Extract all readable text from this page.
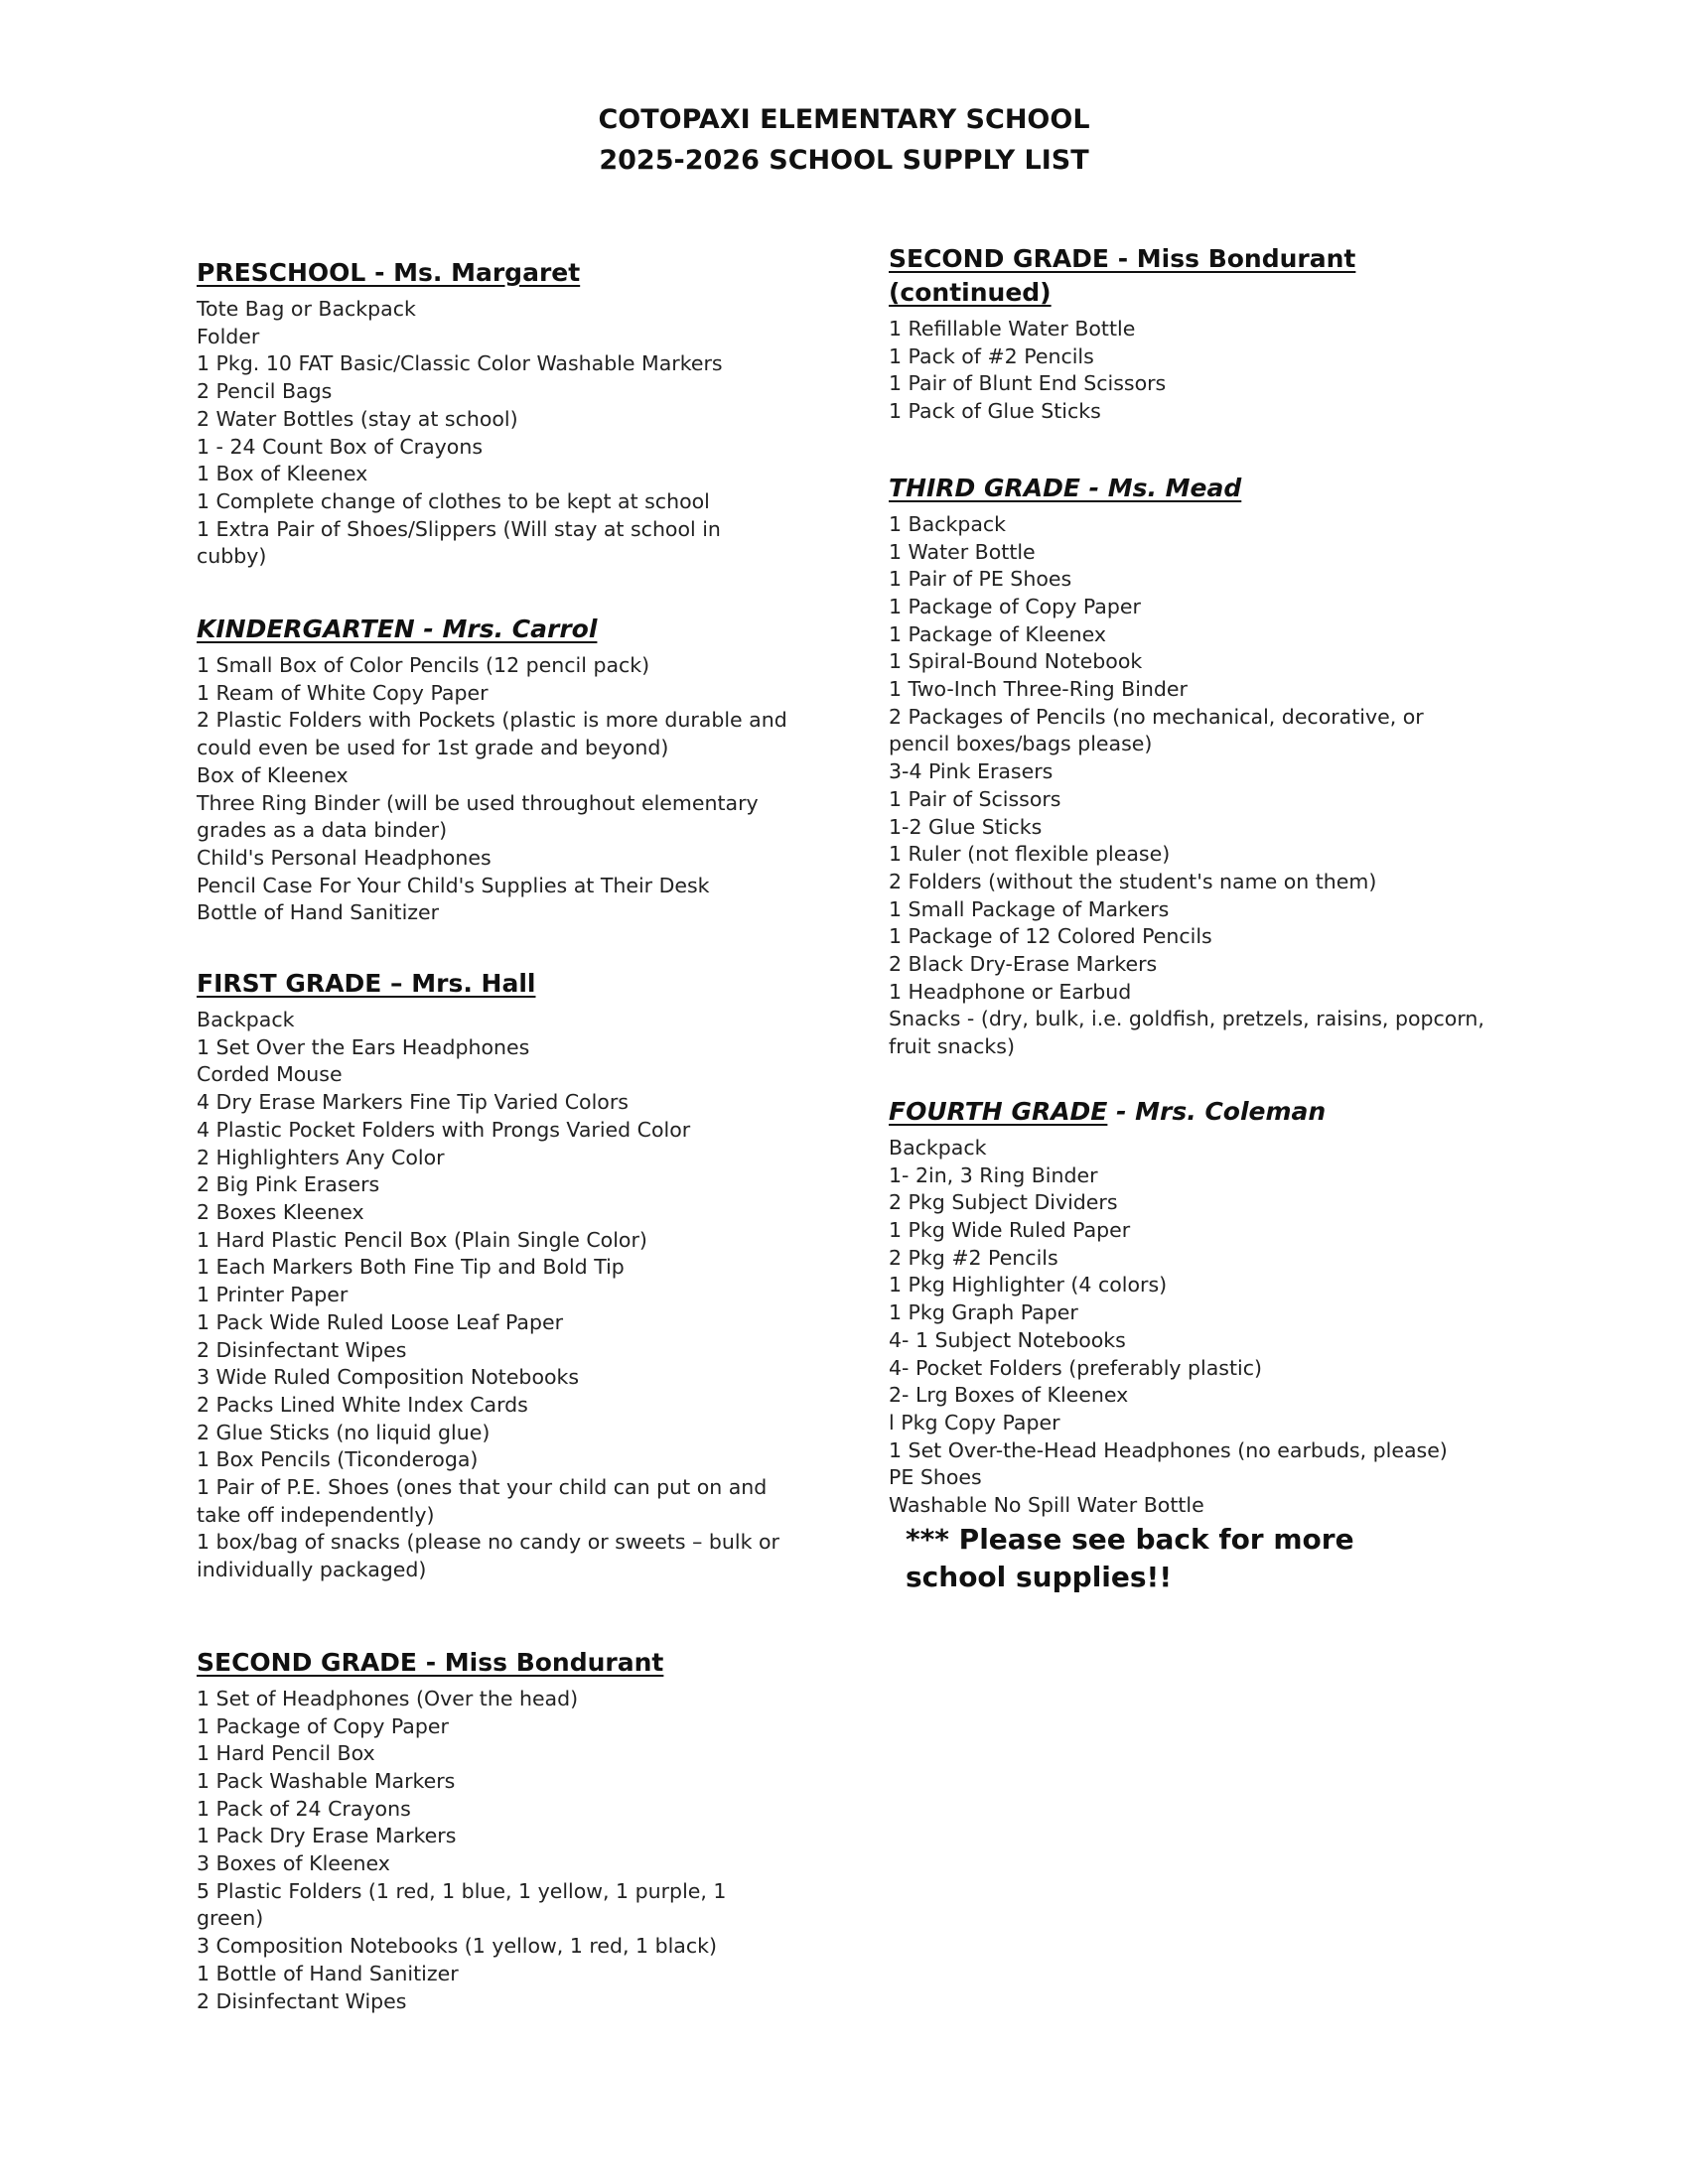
COTOPAXI ELEMENTARY SCHOOL
2025-2026 SCHOOL SUPPLY LIST
PRESCHOOL - Ms. Margaret
Tote Bag or Backpack
Folder
1 Pkg. 10 FAT Basic/Classic Color Washable Markers
2 Pencil Bags
2 Water Bottles (stay at school)
1 - 24 Count Box of Crayons
1 Box of Kleenex
1 Complete change of clothes to be kept at school
1 Extra Pair of Shoes/Slippers (Will stay at school in cubby)
KINDERGARTEN - Mrs. Carrol
1 Small Box of Color Pencils (12 pencil pack)
1 Ream of White Copy Paper
2 Plastic Folders with Pockets (plastic is more durable and could even be used for 1st grade and beyond)
Box of Kleenex
Three Ring Binder (will be used throughout elementary grades as a data binder)
Child's Personal Headphones
Pencil Case For Your Child's Supplies at Their Desk
Bottle of Hand Sanitizer
FIRST GRADE – Mrs. Hall
Backpack
1 Set Over the Ears Headphones
Corded Mouse
4 Dry Erase Markers Fine Tip Varied Colors
4 Plastic Pocket Folders with Prongs Varied Color
2 Highlighters Any Color
2 Big Pink Erasers
2 Boxes Kleenex
1 Hard Plastic Pencil Box (Plain Single Color)
1 Each Markers Both Fine Tip and Bold Tip
1 Printer Paper
1 Pack Wide Ruled Loose Leaf Paper
2 Disinfectant Wipes
3 Wide Ruled Composition Notebooks
2 Packs Lined White Index Cards
2 Glue Sticks (no liquid glue)
1 Box Pencils (Ticonderoga)
1 Pair of P.E. Shoes (ones that your child can put on and take off independently)
1 box/bag of snacks (please no candy or sweets – bulk or individually packaged)
SECOND GRADE - Miss Bondurant
1 Set of Headphones (Over the head)
1 Package of Copy Paper
1 Hard Pencil Box
1 Pack Washable Markers
1 Pack of 24 Crayons
1 Pack Dry Erase Markers
3 Boxes of Kleenex
5 Plastic Folders (1 red, 1 blue, 1 yellow, 1 purple, 1 green)
3 Composition Notebooks (1 yellow, 1 red, 1 black)
1 Bottle of Hand Sanitizer
2 Disinfectant Wipes
SECOND GRADE - Miss Bondurant
(continued)
1 Refillable Water Bottle
1 Pack of #2 Pencils
1 Pair of Blunt End Scissors
1 Pack of Glue Sticks
THIRD GRADE - Ms. Mead
1 Backpack
1 Water Bottle
1 Pair of PE Shoes
1 Package of Copy Paper
1 Package of Kleenex
1 Spiral-Bound Notebook
1 Two-Inch Three-Ring Binder
2 Packages of Pencils (no mechanical, decorative, or pencil boxes/bags please)
3-4 Pink Erasers
1 Pair of Scissors
1-2 Glue Sticks
1 Ruler (not flexible please)
2 Folders (without the student's name on them)
1 Small Package of Markers
1 Package of 12 Colored Pencils
2 Black Dry-Erase Markers
1 Headphone or Earbud
Snacks - (dry, bulk, i.e. goldfish, pretzels, raisins, popcorn, fruit snacks)
FOURTH GRADE - Mrs. Coleman
Backpack
1- 2in, 3 Ring Binder
2 Pkg Subject Dividers
1 Pkg Wide Ruled Paper
2 Pkg #2 Pencils
1 Pkg Highlighter (4 colors)
1 Pkg Graph Paper
4- 1 Subject Notebooks
4- Pocket Folders (preferably plastic)
2- Lrg Boxes of Kleenex
l Pkg Copy Paper
1 Set Over-the-Head Headphones (no earbuds, please)
PE Shoes
Washable No Spill Water Bottle
*** Please see back for more
school supplies!!
